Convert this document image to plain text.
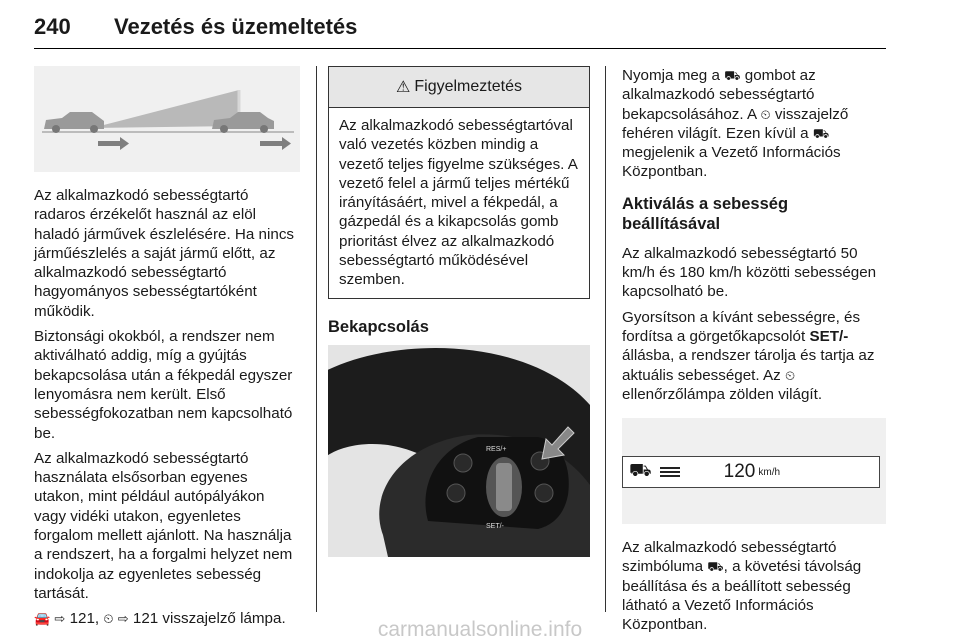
240 Vezetés és üzemeltetés

Az alkalmazkodó sebességtartó radaros érzékelőt használ az elöl haladó járművek észlelésére. Ha nincs járműészlelés a saját jármű előtt, az alkalmazkodó sebességtartó hagyományos sebességtartóként működik.

Biztonsági okokból, a rendszer nem aktiválható addig, míg a gyújtás bekapcsolása után a fékpedál egyszer lenyomásra nem került. Első sebességfokozatban nem kapcsolható be.

Az alkalmazkodó sebességtartó használata elsősorban egyenes utakon, mint például autópályákon vagy vidéki utakon, egyenletes forgalom mellett ajánlott. Na használja a rendszert, ha a forgalmi helyzet nem indokolja az egyenletes sebesség tartását.

🚘 ⇨ 121, ⏲ ⇨ 121 visszajelző lámpa.

⚠ Figyelmeztetés
Az alkalmazkodó sebességtartóval való vezetés közben mindig a vezető teljes figyelme szükséges. A vezető felel a jármű teljes mértékű irányításáért, mivel a fékpedál, a gázpedál és a kikapcsolás gomb prioritást élvez az alkalmazkodó sebességtartó működésével szemben.
Bekapcsolás
RES/+
SET/-

Nyomja meg a ⛟ gombot az alkalmazkodó sebességtartó bekapcsolásához. A ⏲ visszajelző fehéren világít. Ezen kívül a ⛟ megjelenik a Vezető Információs Központban.

Aktiválás a sebesség beállításával

Az alkalmazkodó sebességtartó 50 km/h és 180 km/h közötti sebességen kapcsolható be.

Gyorsítson a kívánt sebességre, és fordítsa a görgetőkapcsolót SET/- állásba, a rendszer tárolja és tartja az aktuális sebességet. Az ⏲ ellenőrzőlámpa zölden világít.

⛟	120 km/h

Az alkalmazkodó sebességtartó szimbóluma ⛟, a követési távolság beállítása és a beállított sebesség látható a Vezető Információs Központban.

carmanualsonline.info
